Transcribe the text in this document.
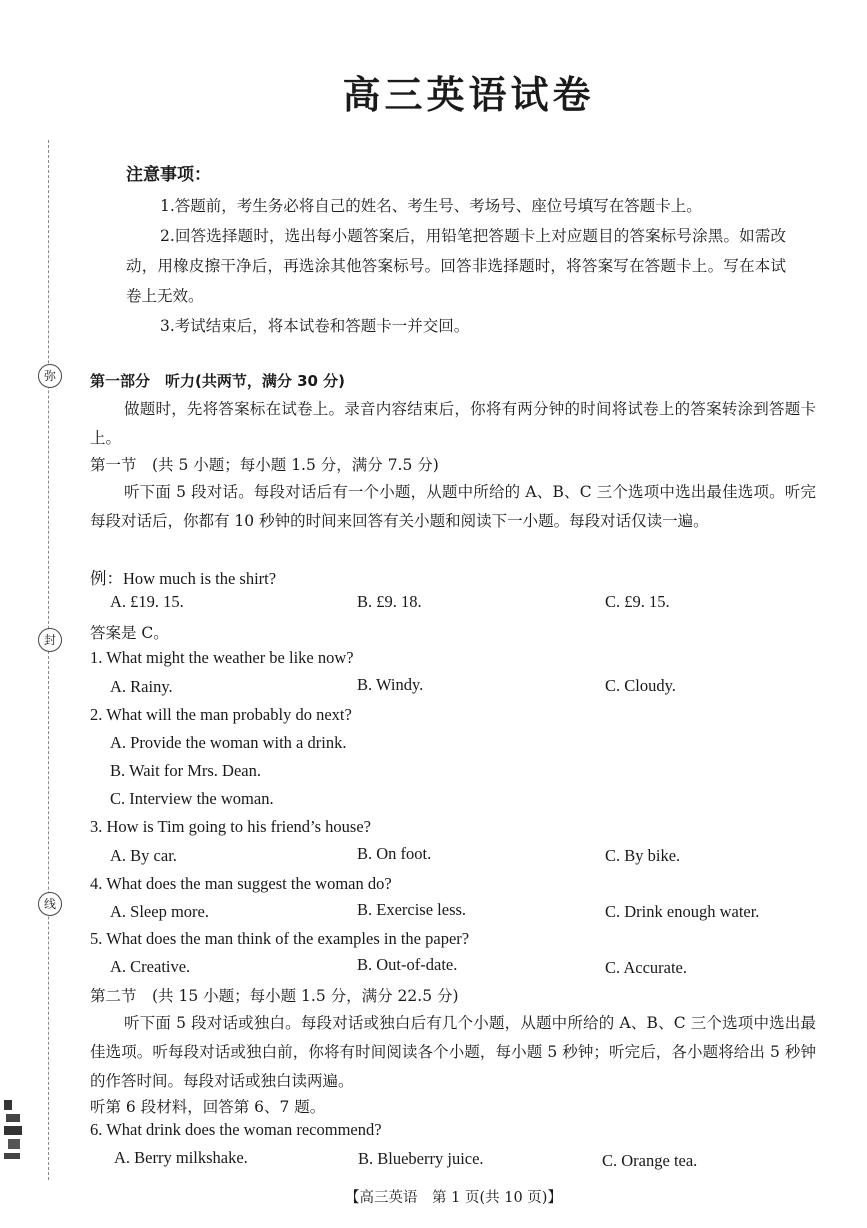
弥
封
线
高三英语试卷
注意事项：

1.答题前，考生务必将自己的姓名、考生号、考场号、座位号填写在答题卡上。

2.回答选择题时，选出每小题答案后，用铅笔把答题卡上对应题目的答案标号涂黑。如需改动，用橡皮擦干净后，再选涂其他答案标号。回答非选择题时，将答案写在答题卡上。写在本试卷上无效。

3.考试结束后，将本试卷和答题卡一并交回。

第一部分　听力(共两节，满分 30 分)

做题时，先将答案标在试卷上。录音内容结束后，你将有两分钟的时间将试卷上的答案转涂到答题卡上。

第一节　(共 5 小题；每小题 1.5 分，满分 7.5 分)

听下面 5 段对话。每段对话后有一个小题，从题中所给的 A、B、C 三个选项中选出最佳选项。听完每段对话后，你都有 10 秒钟的时间来回答有关小题和阅读下一小题。每段对话仅读一遍。

例：How much is the shirt?
A. £19. 15.	B. £9. 18.	C. £9. 15.
答案是 C。
1. What might the weather be like now?
A. Rainy.	B. Windy.	C. Cloudy.
2. What will the man probably do next?
A. Provide the woman with a drink.
B. Wait for Mrs. Dean.
C. Interview the woman.
3. How is Tim going to his friend’s house?
A. By car.	B. On foot.	C. By bike.
4. What does the man suggest the woman do?
A. Sleep more.	B. Exercise less.	C. Drink enough water.
5. What does the man think of the examples in the paper?
A. Creative.	B. Out-of-date.	C. Accurate.
第二节　(共 15 小题；每小题 1.5 分，满分 22.5 分)

听下面 5 段对话或独白。每段对话或独白后有几个小题，从题中所给的 A、B、C 三个选项中选出最佳选项。听每段对话或独白前，你将有时间阅读各个小题，每小题 5 秒钟；听完后，各小题将给出 5 秒钟的作答时间。每段对话或独白读两遍。

听第 6 段材料，回答第 6、7 题。
6. What drink does the woman recommend?
A. Berry milkshake.	B. Blueberry juice.	C. Orange tea.
【高三英语　第 1 页(共 10 页)】
